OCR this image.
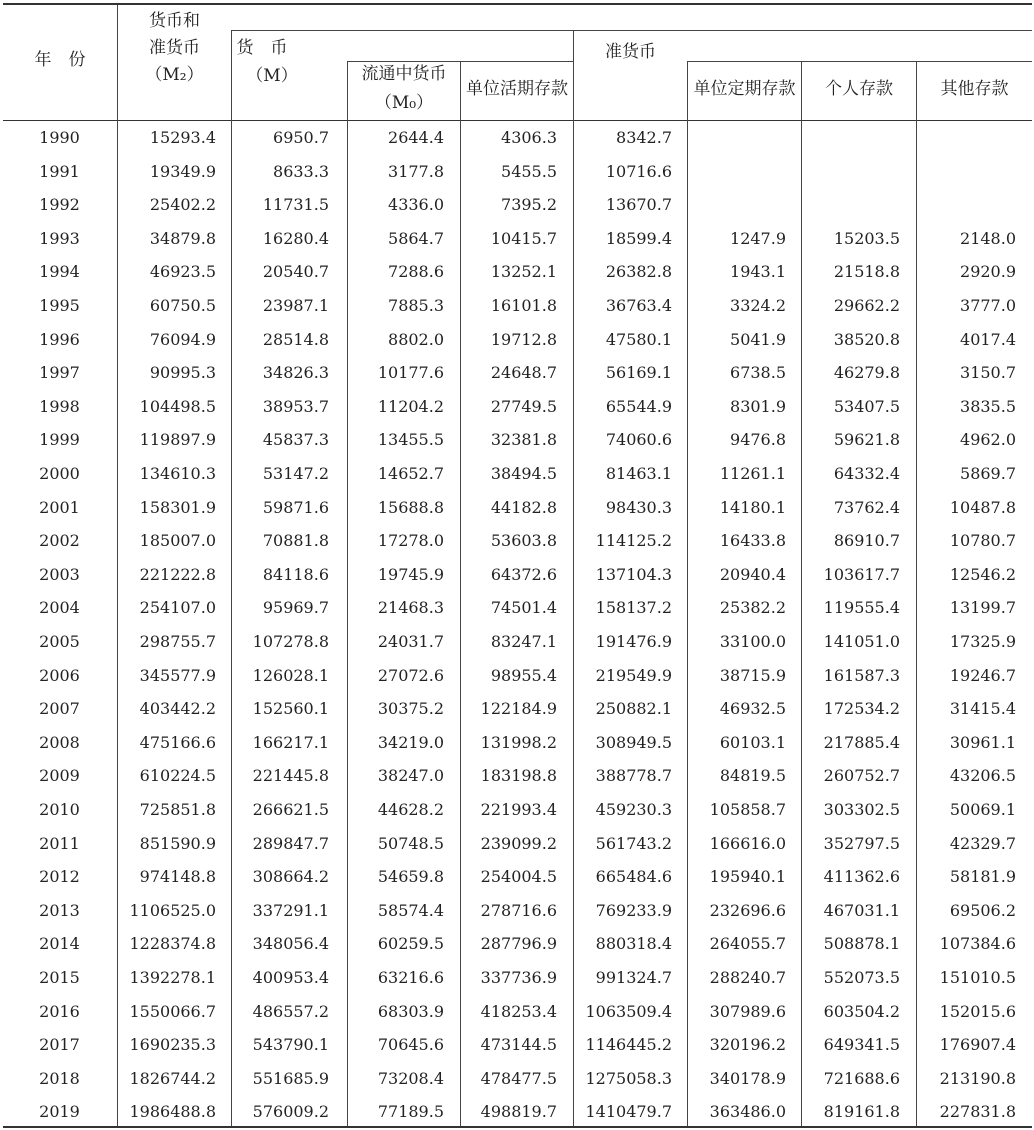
年　份
货币和
准货币
（M₂）
货　币
（M）	流通中货币
（M₀）
单位活期存款
准货币
单位定期存款	个人存款	其他存款
1990	15293.4	6950.7	2644.4	4306.3	8342.7
1991	19349.9	8633.3	3177.8	5455.5	10716.6
1992	25402.2	11731.5	4336.0	7395.2	13670.7
1993	34879.8	16280.4	5864.7	10415.7	18599.4	1247.9	15203.5	2148.0
1994	46923.5	20540.7	7288.6	13252.1	26382.8	1943.1	21518.8	2920.9
1995	60750.5	23987.1	7885.3	16101.8	36763.4	3324.2	29662.2	3777.0
1996	76094.9	28514.8	8802.0	19712.8	47580.1	5041.9	38520.8	4017.4
1997	90995.3	34826.3	10177.6	24648.7	56169.1	6738.5	46279.8	3150.7
1998	104498.5	38953.7	11204.2	27749.5	65544.9	8301.9	53407.5	3835.5
1999	119897.9	45837.3	13455.5	32381.8	74060.6	9476.8	59621.8	4962.0
2000	134610.3	53147.2	14652.7	38494.5	81463.1	11261.1	64332.4	5869.7
2001	158301.9	59871.6	15688.8	44182.8	98430.3	14180.1	73762.4	10487.8
2002	185007.0	70881.8	17278.0	53603.8 114125.2	16433.8	86910.7	10780.7
2003	221222.8	84118.6	19745.9	64372.6 137104.3	20940.4 103617.7	12546.2
2004	254107.0	95969.7	21468.3	74501.4 158137.2	25382.2 119555.4	13199.7
2005	298755.7 107278.8	24031.7	83247.1 191476.9	33100.0 141051.0	17325.9
2006	345577.9 126028.1	27072.6	98955.4 219549.9	38715.9 161587.3	19246.7
2007	403442.2 152560.1	30375.2 122184.9 250882.1	46932.5 172534.2	31415.4
2008	475166.6 166217.1	34219.0 131998.2 308949.5	60103.1 217885.4	30961.1
2009	610224.5 221445.8	38247.0 183198.8 388778.7	84819.5 260752.7	43206.5
2010	725851.8 266621.5	44628.2 221993.4 459230.3 105858.7 303302.5	50069.1
2011	851590.9 289847.7	50748.5 239099.2 561743.2 166616.0 352797.5	42329.7
2012	974148.8 308664.2	54659.8 254004.5 665484.6 195940.1 411362.6	58181.9
2013	1106525.0 337291.1	58574.4 278716.6 769233.9 232696.6 467031.1	69506.2
2014	1228374.8 348056.4	60259.5 287796.9 880318.4 264055.7 508878.1 107384.6
2015	1392278.1 400953.4	63216.6 337736.9 991324.7 288240.7 552073.5 151010.5
2016	1550066.7 486557.2	68303.9 418253.4 1063509.4 307989.6 603504.2 152015.6
2017	1690235.3 543790.1	70645.6 473144.5 1146445.2 320196.2 649341.5 176907.4
2018	1826744.2 551685.9	73208.4 478477.5 1275058.3 340178.9 721688.6 213190.8
2019	1986488.8 576009.2	77189.5 498819.7 1410479.7 363486.0 819161.8 227831.8
